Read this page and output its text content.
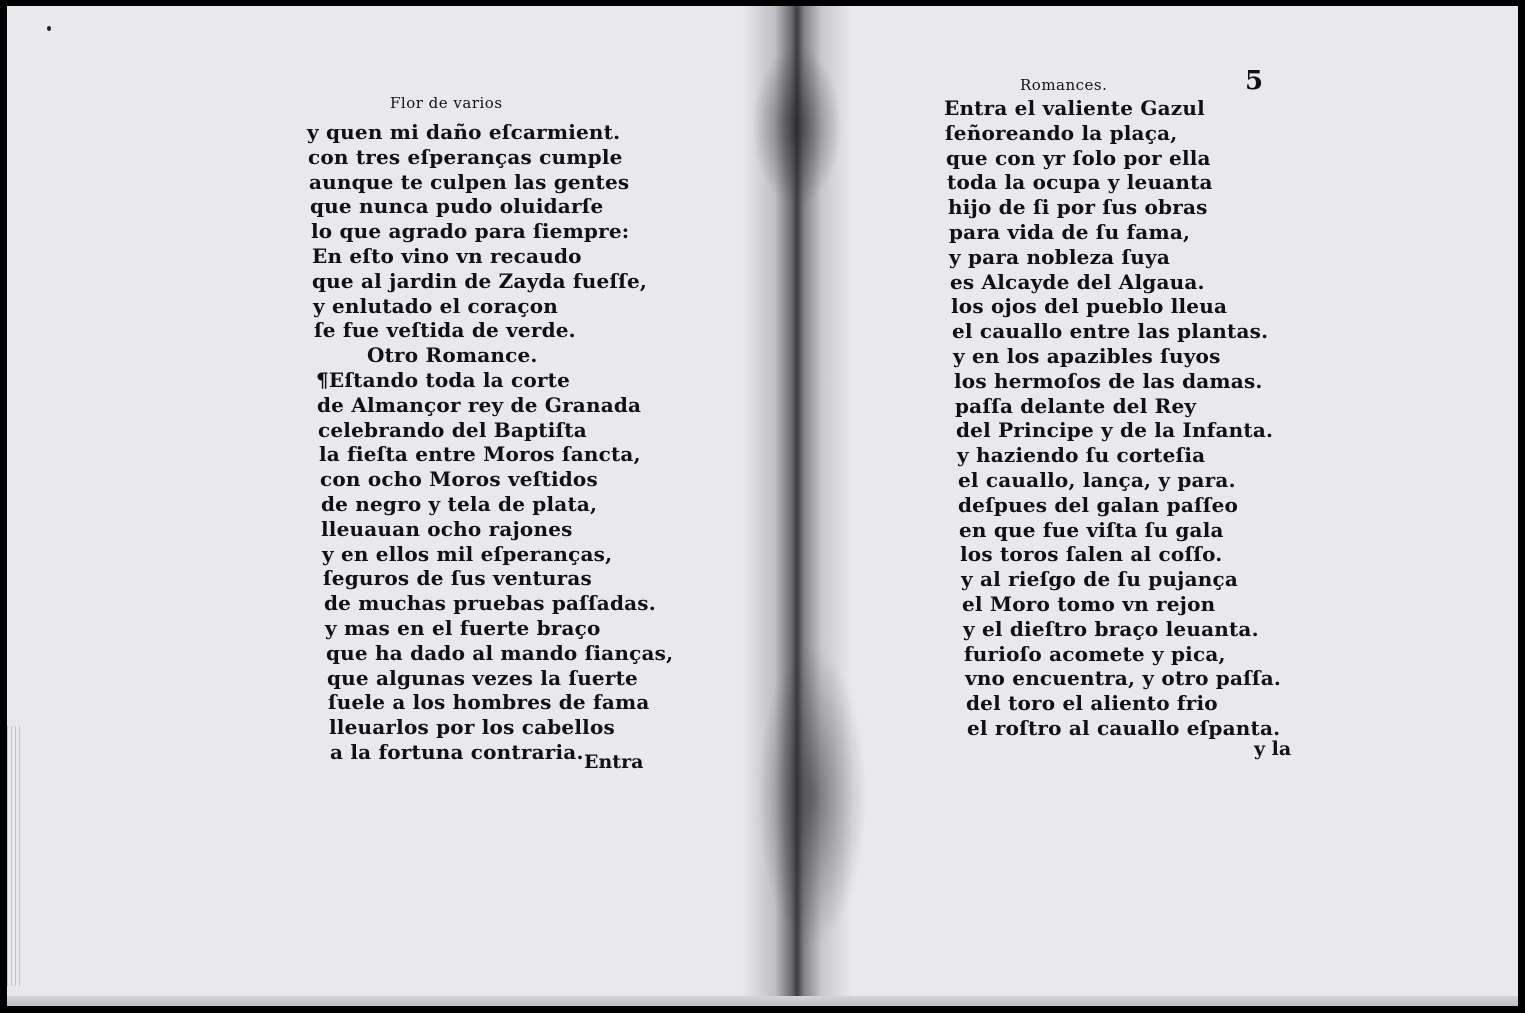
Flor de varios
y quen mi daño eſcarmient.
con tres eſperanças cumple
aunque te culpen las gentes
que nunca pudo oluidarſe
lo que agrado para ſiempre:
En eſto vino vn recaudo
que al jardin de Zayda fueſſe,
y enlutado el coraçon
ſe fue veſtida de verde.
Otro Romance.
¶Eſtando toda la corte
de Almançor rey de Granada
celebrando del Baptiſta
la fieſta entre Moros ſancta,
con ocho Moros veſtidos
de negro y tela de plata,
lleuauan ocho rajones
y en ellos mil eſperanças,
ſeguros de ſus venturas
de muchas pruebas paſſadas.
y mas en el fuerte braço
que ha dado al mando ſianças,
que algunas vezes la ſuerte
ſuele a los hombres de fama
lleuarlos por los cabellos
a la fortuna contraria. Entra
Romances.	5
Entra el valiente Gazul
ſeñoreando la plaça,
que con yr ſolo por ella
toda la ocupa y leuanta
hijo de ſi por ſus obras
para vida de ſu fama,
y para nobleza ſuya
es Alcayde del Algaua.
los ojos del pueblo lleua
el cauallo entre las plantas.
y en los apazibles ſuyos
los hermoſos de las damas.
paſſa delante del Rey
del Principe y de la Infanta.
y haziendo ſu corteſia
el cauallo, lança, y para.
deſpues del galan paſſeo
en que fue viſta ſu gala
los toros ſalen al coſſo.
y al rieſgo de ſu pujança
el Moro tomo vn rejon
y el dieſtro braço leuanta.
furioſo acomete y pica,
vno encuentra, y otro paſſa.
del toro el aliento frio
el roſtro al cauallo eſpanta.
y la
